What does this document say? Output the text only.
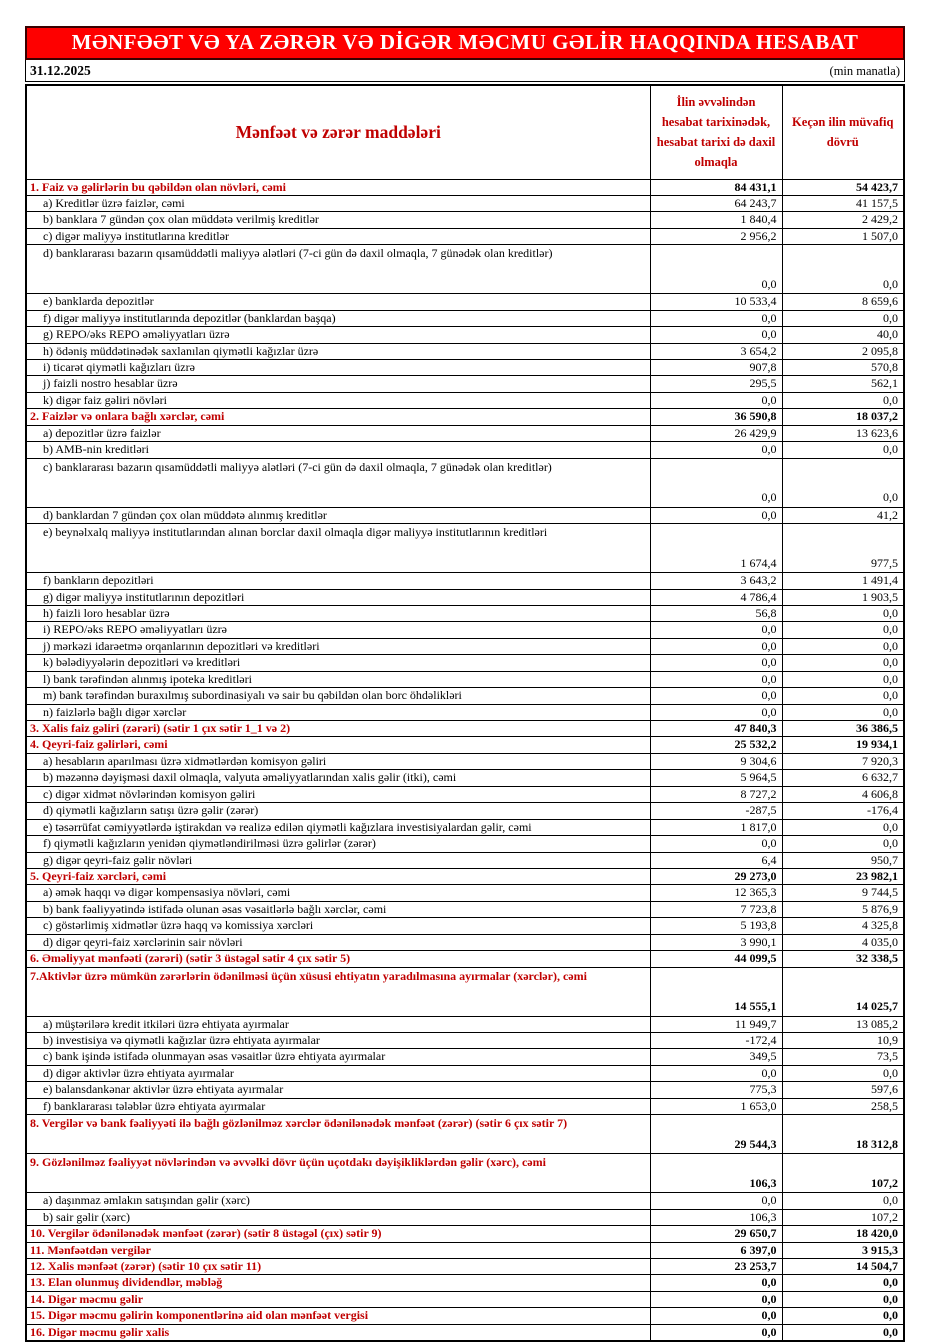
MƏNFƏƏT VƏ YA ZƏRƏR VƏ DİGƏR MƏCMU GƏLİR HAQQINDA HESABAT
31.12.2025	(min manatla)
Mənfəət və zərər maddələri	İlin əvvəlindən hesabat tarixinədək, hesabat tarixi də daxil olmaqla	Keçən ilin müvafiq dövrü
1. Faiz və gəlirlərin bu qəbildən olan növləri, cəmi	84 431,1	54 423,7
a) Kreditlər üzrə faizlər, cəmi	64 243,7	41 157,5
b) banklara 7 gündən çox olan müddətə verilmiş kreditlər	1 840,4	2 429,2
c) digər maliyyə institutlarına kreditlər	2 956,2	1 507,0
d) banklararası bazarın qısamüddətli maliyyə alətləri (7-ci gün də daxil olmaqla, 7 günədək olan kreditlər)	0,0	0,0
e) banklarda depozitlər	10 533,4	8 659,6
f) digər maliyyə institutlarında depozitlər (banklardan başqa)	0,0	0,0
g) REPO/əks REPO əməliyyatları üzrə	0,0	40,0
h) ödəniş müddətinədək saxlanılan qiymətli kağızlar üzrə	3 654,2	2 095,8
i) ticarət qiymətli kağızları üzrə	907,8	570,8
j) faizli nostro hesablar üzrə	295,5	562,1
k) digər faiz gəliri növləri	0,0	0,0
2. Faizlər və onlara bağlı xərclər, cəmi	36 590,8	18 037,2
a) depozitlər üzrə faizlər	26 429,9	13 623,6
b) AMB-nin kreditləri	0,0	0,0
c) banklararası bazarın qısamüddətli maliyyə alətləri (7-ci gün də daxil olmaqla, 7 günədək olan kreditlər)	0,0	0,0
d) banklardan 7 gündən çox olan müddətə alınmış kreditlər	0,0	41,2
e) beynəlxalq maliyyə institutlarından alınan borclar daxil olmaqla digər maliyyə institutlarının kreditləri	1 674,4	977,5
f) bankların depozitləri	3 643,2	1 491,4
g) digər maliyyə institutlarının depozitləri	4 786,4	1 903,5
h) faizli loro hesablar üzrə	56,8	0,0
i) REPO/əks REPO əməliyyatları üzrə	0,0	0,0
j) mərkəzi idarəetmə orqanlarının depozitləri və kreditləri	0,0	0,0
k) bələdiyyələrin depozitləri və kreditləri	0,0	0,0
l) bank tərəfindən alınmış ipoteka kreditləri	0,0	0,0
m) bank tərəfindən buraxılmış subordinasiyalı və sair bu qəbildən olan borc öhdəlikləri	0,0	0,0
n) faizlərlə bağlı digər xərclər	0,0	0,0
3. Xalis faiz gəliri (zərəri) (sətir 1 çıx sətir 1_1 və 2)	47 840,3	36 386,5
4. Qeyri-faiz gəlirləri, cəmi	25 532,2	19 934,1
a) hesabların aparılması üzrə xidmətlərdən komisyon gəliri	9 304,6	7 920,3
b) məzənnə dəyişməsi daxil olmaqla, valyuta əməliyyatlarından xalis gəlir (itki), cəmi	5 964,5	6 632,7
c) digər xidmət növlərindən komisyon gəliri	8 727,2	4 606,8
d) qiymətli kağızların satışı üzrə gəlir (zərər)	-287,5	-176,4
e) təsərrüfat cəmiyyətlərdə iştirakdan və realizə edilən qiymətli kağızlara investisiyalardan gəlir, cəmi	1 817,0	0,0
f) qiymətli kağızların yenidən qiymətləndirilməsi üzrə gəlirlər (zərər)	0,0	0,0
g) digər qeyri-faiz gəlir növləri	6,4	950,7
5. Qeyri-faiz xərcləri, cəmi	29 273,0	23 982,1
a) əmək haqqı və digər kompensasiya növləri, cəmi	12 365,3	9 744,5
b) bank fəaliyyətində istifadə olunan əsas vəsaitlərlə bağlı xərclər, cəmi	7 723,8	5 876,9
c) göstərlimiş xidmətlər üzrə haqq və komissiya xərcləri	5 193,8	4 325,8
d) digər qeyri-faiz xərclərinin sair növləri	3 990,1	4 035,0
6. Əməliyyat mənfəəti (zərəri) (sətir 3 üstəgəl sətir 4 çıx sətir 5)	44 099,5	32 338,5
7.Aktivlər üzrə mümkün zərərlərin ödənilməsi üçün xüsusi ehtiyatın yaradılmasına ayırmalar (xərclər), cəmi	14 555,1	14 025,7
a) müştərilərə kredit itkiləri üzrə ehtiyata ayırmalar	11 949,7	13 085,2
b) investisiya və qiymətli kağızlar üzrə ehtiyata ayırmalar	-172,4	10,9
c) bank işində istifadə olunmayan əsas vəsaitlər üzrə ehtiyata ayırmalar	349,5	73,5
d) digər aktivlər üzrə ehtiyata ayırmalar	0,0	0,0
e) balansdankənar aktivlər üzrə ehtiyata ayırmalar	775,3	597,6
f) banklararası tələblər üzrə ehtiyata ayırmalar	1 653,0	258,5
8. Vergilər və bank fəaliyyəti ilə bağlı gözlənilməz xərclər ödənilənədək mənfəət (zərər) (sətir 6 çıx sətir 7)	29 544,3	18 312,8
9. Gözlənilməz fəaliyyət növlərindən və əvvəlki dövr üçün uçotdakı dəyişikliklərdən gəlir (xərc), cəmi	106,3	107,2
a) daşınmaz əmlakın satışından gəlir (xərc)	0,0	0,0
b) sair gəlir (xərc)	106,3	107,2
10. Vergilər ödənilənədək mənfəət (zərər) (sətir 8 üstəgəl (çıx) sətir 9)	29 650,7	18 420,0
11. Mənfəətdən vergilər	6 397,0	3 915,3
12. Xalis mənfəət (zərər) (sətir 10 çıx sətir 11)	23 253,7	14 504,7
13. Elan olunmuş dividendlər, məbləğ	0,0	0,0
14. Digər məcmu gəlir	0,0	0,0
15. Digər məcmu gəlirin komponentlərinə aid olan mənfəət vergisi	0,0	0,0
16. Digər məcmu gəlir xalis	0,0	0,0
